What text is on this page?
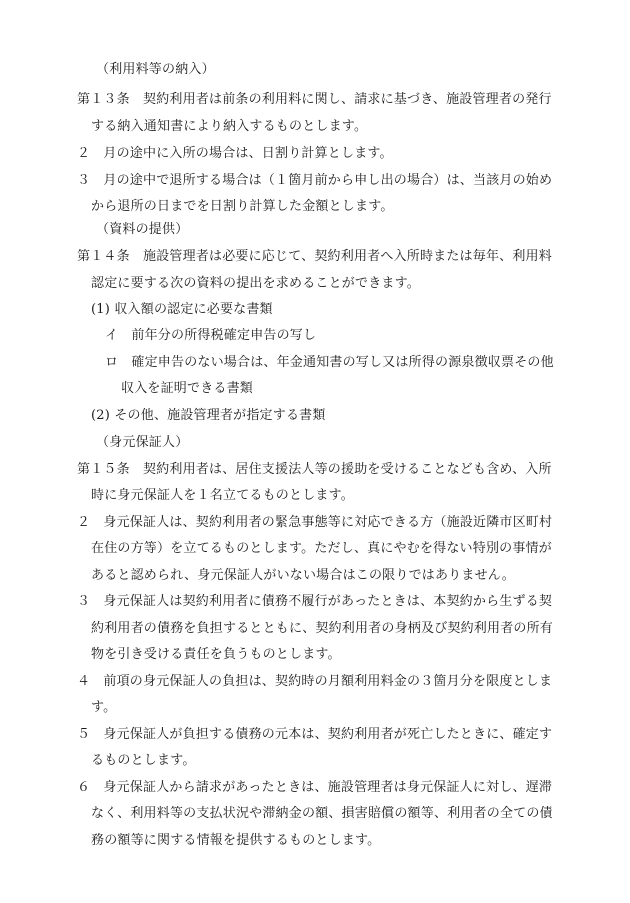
（利用料等の納入）
第１３条　契約利用者は前条の利用料に関し、請求に基づき、施設管理者の発行
する納入通知書により納入するものとします。
２　月の途中に入所の場合は、日割り計算とします。
３　月の途中で退所する場合は（１箇月前から申し出の場合）は、当該月の始め
から退所の日までを日割り計算した金額とします。
（資料の提供）
第１４条　施設管理者は必要に応じて、契約利用者へ入所時または毎年、利用料
認定に要する次の資料の提出を求めることができます。
(1) 収入額の認定に必要な書類
イ　前年分の所得税確定申告の写し
ロ　確定申告のない場合は、年金通知書の写し又は所得の源泉徴収票その他
収入を証明できる書類
(2) その他、施設管理者が指定する書類
（身元保証人）
第１５条　契約利用者は、居住支援法人等の援助を受けることなども含め、入所
時に身元保証人を１名立てるものとします。
２　身元保証人は、契約利用者の緊急事態等に対応できる方（施設近隣市区町村
在住の方等）を立てるものとします。ただし、真にやむを得ない特別の事情が
あると認められ、身元保証人がいない場合はこの限りではありません。
３　身元保証人は契約利用者に債務不履行があったときは、本契約から生ずる契
約利用者の債務を負担するとともに、契約利用者の身柄及び契約利用者の所有
物を引き受ける責任を負うものとします。
４　前項の身元保証人の負担は、契約時の月額利用料金の３箇月分を限度としま
す。
５　身元保証人が負担する債務の元本は、契約利用者が死亡したときに、確定す
るものとします。
６　身元保証人から請求があったときは、施設管理者は身元保証人に対し、遅滞
なく、利用料等の支払状況や滞納金の額、損害賠償の額等、利用者の全ての債
務の額等に関する情報を提供するものとします。
